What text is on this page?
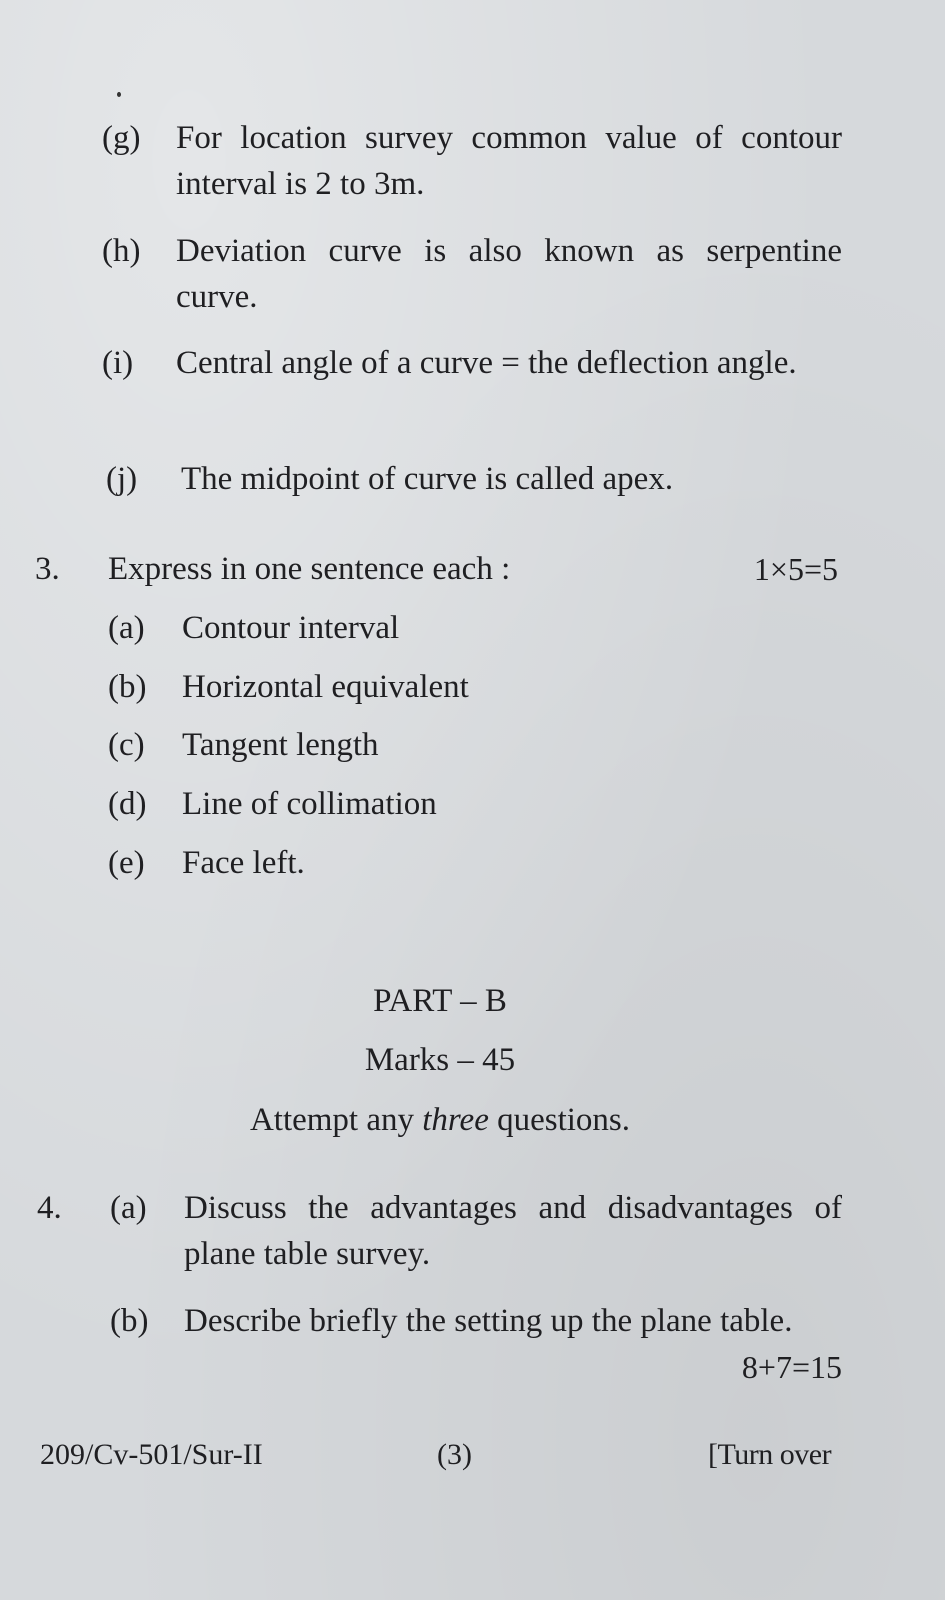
(g) For location survey common value of contour interval is 2 to 3m.
(h) Deviation curve is also known as serpentine curve.
(i) Central angle of a curve = the deflection angle.
(j) The midpoint of curve is called apex.
3. Express in one sentence each :	1×5=5
(a) Contour interval
(b) Horizontal equivalent
(c) Tangent length
(d) Line of collimation
(e) Face left.
PART – B
Marks – 45
Attempt any three questions.
4. (a) Discuss the advantages and disadvantages of plane table survey.
(b) Describe briefly the setting up the plane table.
8+7=15
209/Cv-501/Sur-II	(3)	[Turn over
